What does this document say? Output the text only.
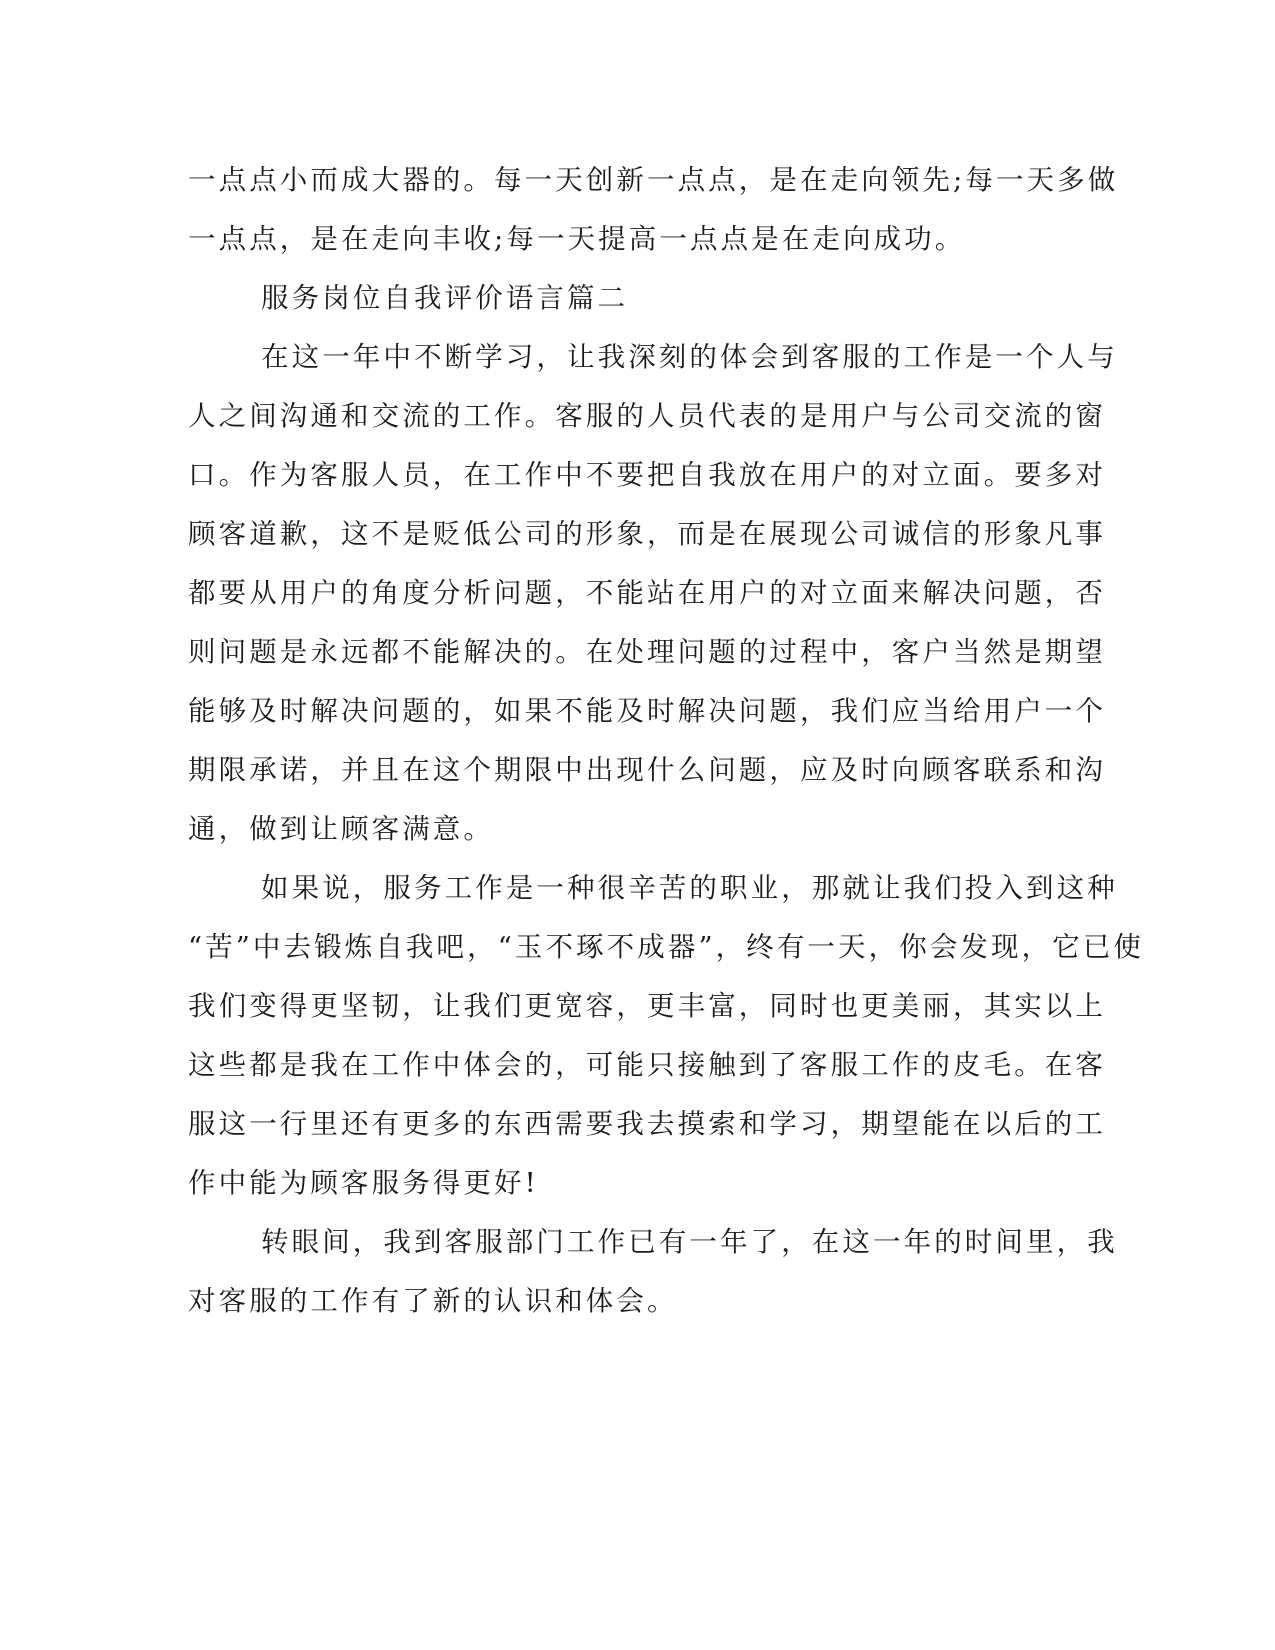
一点点小而成大器的。每一天创新一点点，是在走向领先;每一天多做

一点点，是在走向丰收;每一天提高一点点是在走向成功。

服务岗位自我评价语言篇二

在这一年中不断学习，让我深刻的体会到客服的工作是一个人与

人之间沟通和交流的工作。客服的人员代表的是用户与公司交流的窗

口。作为客服人员，在工作中不要把自我放在用户的对立面。要多对

顾客道歉，这不是贬低公司的形象，而是在展现公司诚信的形象凡事

都要从用户的角度分析问题，不能站在用户的对立面来解决问题，否

则问题是永远都不能解决的。在处理问题的过程中，客户当然是期望

能够及时解决问题的，如果不能及时解决问题，我们应当给用户一个

期限承诺，并且在这个期限中出现什么问题，应及时向顾客联系和沟

通，做到让顾客满意。

如果说，服务工作是一种很辛苦的职业，那就让我们投入到这种

“苦”中去锻炼自我吧，“玉不琢不成器”，终有一天，你会发现，它已使

我们变得更坚韧，让我们更宽容，更丰富，同时也更美丽，其实以上

这些都是我在工作中体会的，可能只接触到了客服工作的皮毛。在客

服这一行里还有更多的东西需要我去摸索和学习，期望能在以后的工

作中能为顾客服务得更好!

转眼间，我到客服部门工作已有一年了，在这一年的时间里，我

对客服的工作有了新的认识和体会。
